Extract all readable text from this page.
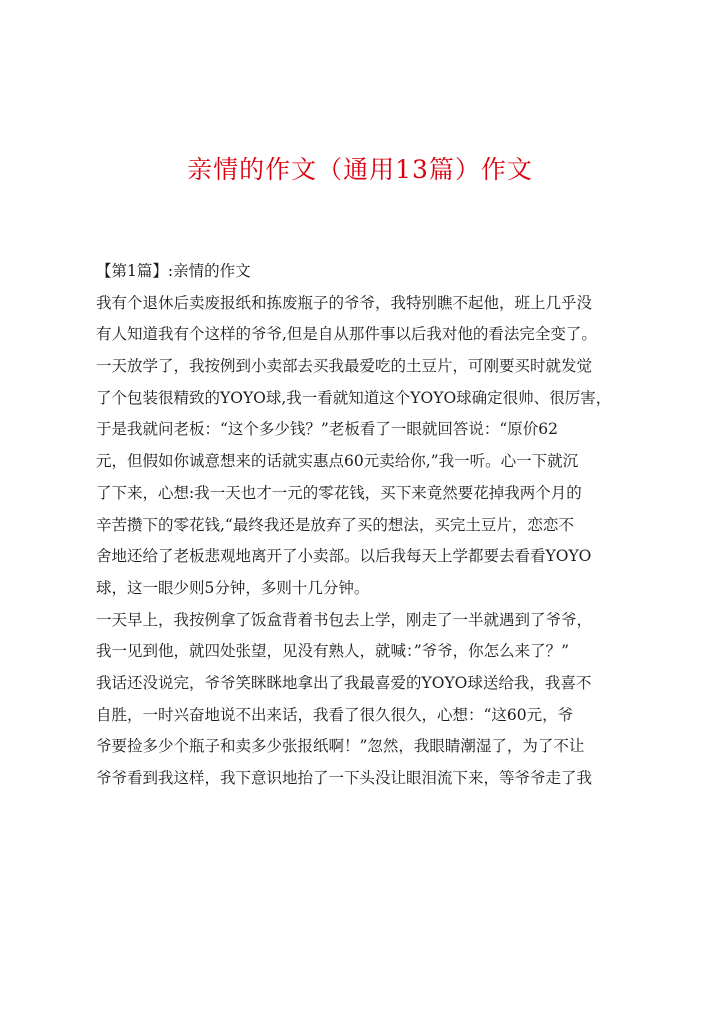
亲情的作文（通用13篇）作文
【第1篇】:亲情的作文
我有个退休后卖废报纸和拣废瓶子的爷爷，我特别瞧不起他，班上几乎没
有人知道我有个这样的爷爷,但是自从那件事以后我对他的看法完全变了。
一天放学了，我按例到小卖部去买我最爱吃的土豆片，可刚要买时就发觉
了个包装很精致的YOYO球,我一看就知道这个YOYO球确定很帅、很厉害，
于是我就问老板：“这个多少钱？”老板看了一眼就回答说：“原价62
元，但假如你诚意想来的话就实惠点60元卖给你,”我一听。心一下就沉
了下来，心想:我一天也才一元的零花钱，买下来竟然要花掉我两个月的
辛苦攒下的零花钱,“最终我还是放弃了买的想法，买完土豆片，恋恋不
舍地还给了老板悲观地离开了小卖部。以后我每天上学都要去看看YOYO
球，这一眼少则5分钟，多则十几分钟。
一天早上，我按例拿了饭盒背着书包去上学，刚走了一半就遇到了爷爷，
我一见到他，就四处张望，见没有熟人，就喊：”爷爷，你怎么来了？”
我话还没说完，爷爷笑眯眯地拿出了我最喜爱的YOYO球送给我，我喜不
自胜，一时兴奋地说不出来话，我看了很久很久，心想：“这60元，爷
爷要捡多少个瓶子和卖多少张报纸啊！”忽然，我眼睛潮湿了，为了不让
爷爷看到我这样，我下意识地抬了一下头没让眼泪流下来，等爷爷走了我
